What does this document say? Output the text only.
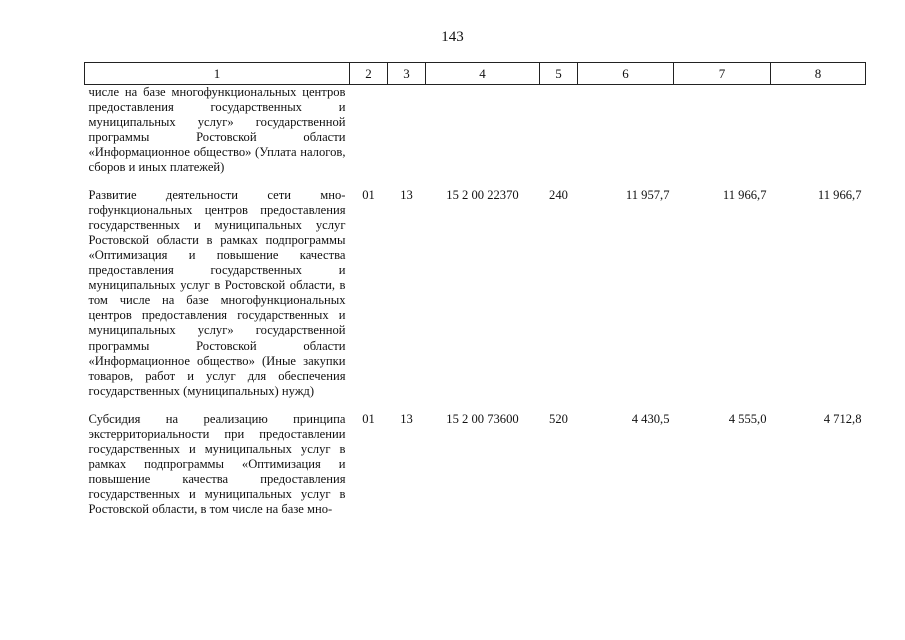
143
1	2	3	4	5	6	7	8
числе на базе многофункциональных центров предоставления государственных и муниципальных услуг» государственной программы Ростовской области «Информационное общество» (Уплата налогов, сборов и иных платежей)							
Развитие деятельности сети многофункциональных центров предоставления государственных и муниципальных услуг Ростовской области в рамках подпрограммы «Оптимизация и повышение качества предоставления государственных и муниципальных услуг в Ростовской области, в том числе на базе многофункциональных центров предоставления государственных и муниципальных услуг» государственной программы Ростовской области «Информационное общество» (Иные закупки товаров, работ и услуг для обеспечения государственных (муниципальных) нужд)	01	13	15 2 00 22370	240	11 957,7	11 966,7	11 966,7
Субсидия на реализацию принципа экстерриториальности при предоставлении государственных и муниципальных услуг в рамках подпрограммы «Оптимизация и повышение качества предоставления государственных и муниципальных услуг в Ростовской области, в том числе на базе мно-	01	13	15 2 00 73600	520	4 430,5	4 555,0	4 712,8
